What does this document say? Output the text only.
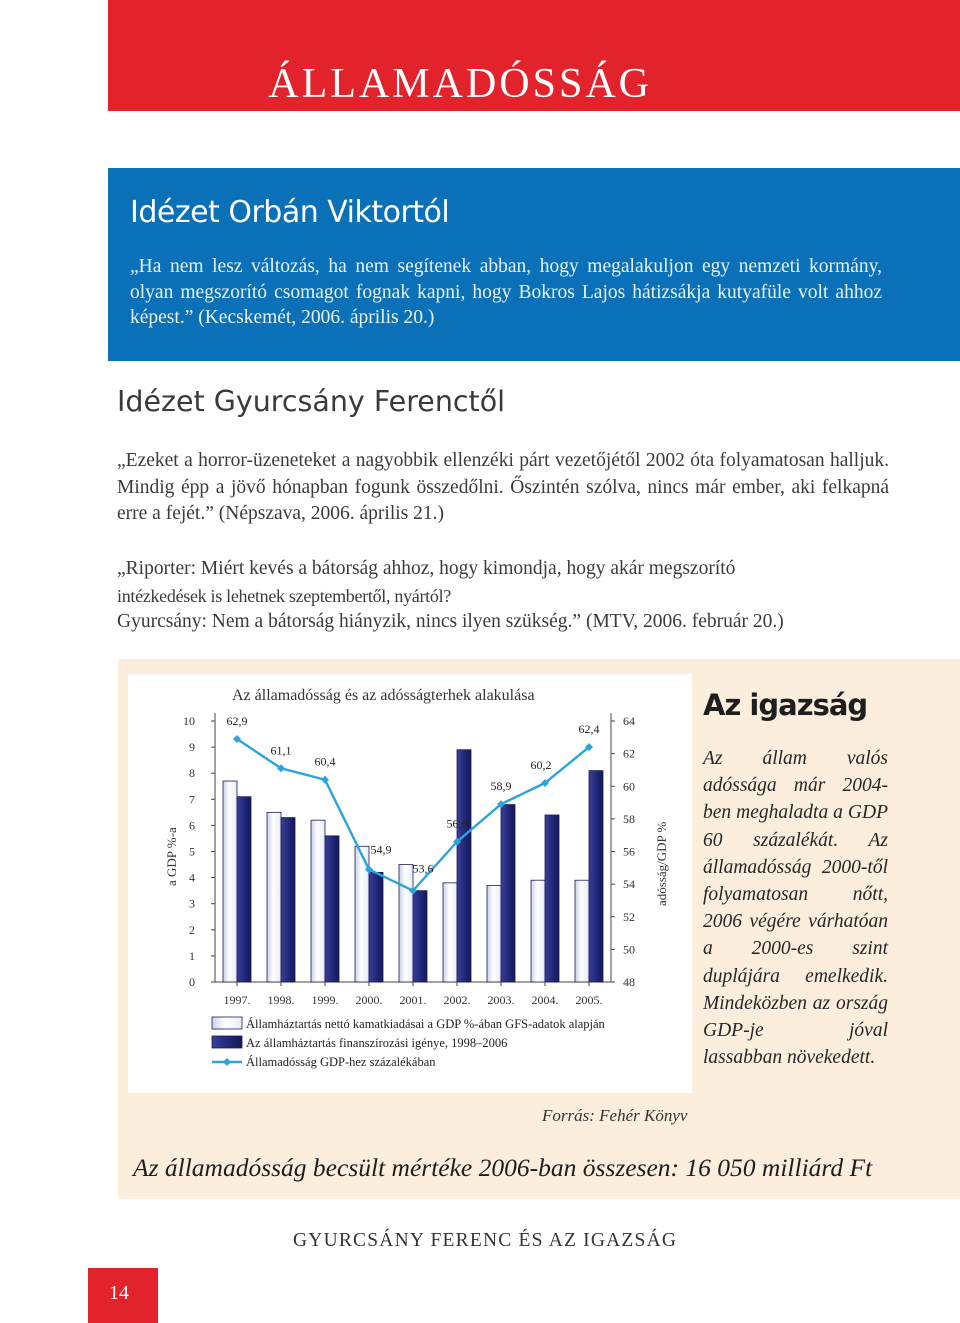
ÁLLAMADÓSSÁG
Idézet Orbán Viktortól
„Ha nem lesz változás, ha nem segítenek abban, hogy megalakuljon egy nemzeti kormány, olyan megszorító csomagot fognak kapni, hogy Bokros Lajos hátizsákja kutyafüle volt ahhoz képest.” (Kecskemét, 2006. április 20.)
Idézet Gyurcsány Ferenctől
„Ezeket a horror-üzeneteket a nagyobbik ellenzéki párt vezetőjétől 2002 óta folyamatosan halljuk. Mindig épp a jövő hónapban fogunk összedőlni. Őszintén szólva, nincs már ember, aki felkapná erre a fejét.” (Népszava, 2006. április 21.)
„Riporter: Miért kevés a bátorság ahhoz, hogy kimondja, hogy akár megszorító
intézkedések is lehetnek szeptembertől, nyártól?
Gyurcsány: Nem a bátorság hiányzik, nincs ilyen szükség.” (MTV, 2006. február 20.)
Az államadósság és az adósságterhek alakulása
a GDP %-a	adósság/GDP %
0
1
2
3
4
5
6
7
8
9
10
48
50
52
54
56
58
60
62
64
1997. 1998. 1999. 2000. 2001. 2002. 2003. 2004. 2005.
62,9
61,1
60,4
54,9
53,6
56,6
58,9
60,2
62,4
Államháztartás nettó kamatkiadásai a GDP %-ában GFS-adatok alapján
Az államháztartás finanszírozási igénye, 1998–2006
Államadósság GDP-hez százalékában
Forrás: Fehér Könyv
Az igazság
Az állam valós adóssága már 2004-ben meghaladta a GDP 60 százalékát. Az államadósság 2000-től folyamatosan nőtt, 2006 végére várhatóan a 2000-es szint duplájára emelkedik. Mindeközben az ország GDP-je jóval lassabban növekedett.
Az államadósság becsült mértéke 2006-ban összesen: 16 050 milliárd Ft
GYURCSÁNY FERENC ÉS AZ IGAZSÁG
14
